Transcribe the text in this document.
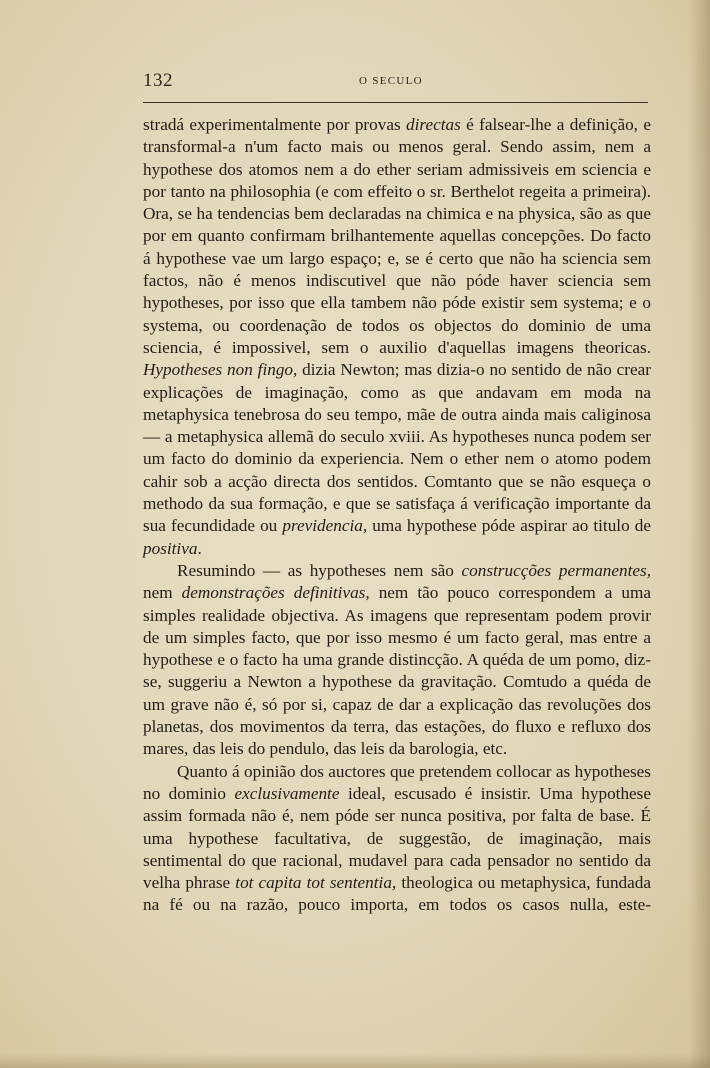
132	O SECULO

stradá experimentalmente por provas directas é falsear-lhe a definição, e transformal-a n'um facto mais ou menos geral. Sendo assim, nem a hypothese dos atomos nem a do ether seriam admissiveis em sciencia e por tanto na philosophia (e com effeito o sr. Berthelot regeita a primeira). Ora, se ha tendencias bem declaradas na chimica e na physica, são as que por em quanto confirmam brilhantemente aquellas concepções. Do facto á hypothese vae um largo espaço; e, se é certo que não ha sciencia sem factos, não é menos indiscutivel que não póde haver sciencia sem hypotheses, por isso que ella tambem não póde existir sem systema; e o systema, ou coordenação de todos os objectos do dominio de uma sciencia, é impossivel, sem o auxilio d'aquellas imagens theoricas. Hypotheses non fingo, dizia Newton; mas dizia-o no sentido de não crear explicações de imaginação, como as que andavam em moda na metaphysica tenebrosa do seu tempo, mãe de outra ainda mais caliginosa — a metaphysica allemã do seculo xviii. As hypotheses nunca podem ser um facto do dominio da experiencia. Nem o ether nem o atomo podem cahir sob a acção directa dos sentidos. Comtanto que se não esqueça o methodo da sua formação, e que se satisfaça á verificação importante da sua fecundidade ou previdencia, uma hypothese póde aspirar ao titulo de positiva.

Resumindo — as hypotheses nem são construcções permanentes, nem demonstrações definitivas, nem tão pouco correspondem a uma simples realidade objectiva. As imagens que representam podem provir de um simples facto, que por isso mesmo é um facto geral, mas entre a hypothese e o facto ha uma grande distincção. A quéda de um pomo, diz-se, suggeriu a Newton a hypothese da gravitação. Comtudo a quéda de um grave não é, só por si, capaz de dar a explicação das revoluções dos planetas, dos movimentos da terra, das estações, do fluxo e refluxo dos mares, das leis do pendulo, das leis da barologia, etc.

Quanto á opinião dos auctores que pretendem collocar as hypotheses no dominio exclusivamente ideal, escusado é insistir. Uma hypothese assim formada não é, nem póde ser nunca positiva, por falta de base. É uma hypothese facultativa, de suggestão, de imaginação, mais sentimental do que racional, mudavel para cada pensador no sentido da velha phrase tot capita tot sententia, theologica ou metaphysica, fundada na fé ou na razão, pouco importa, em todos os casos nulla, este-
